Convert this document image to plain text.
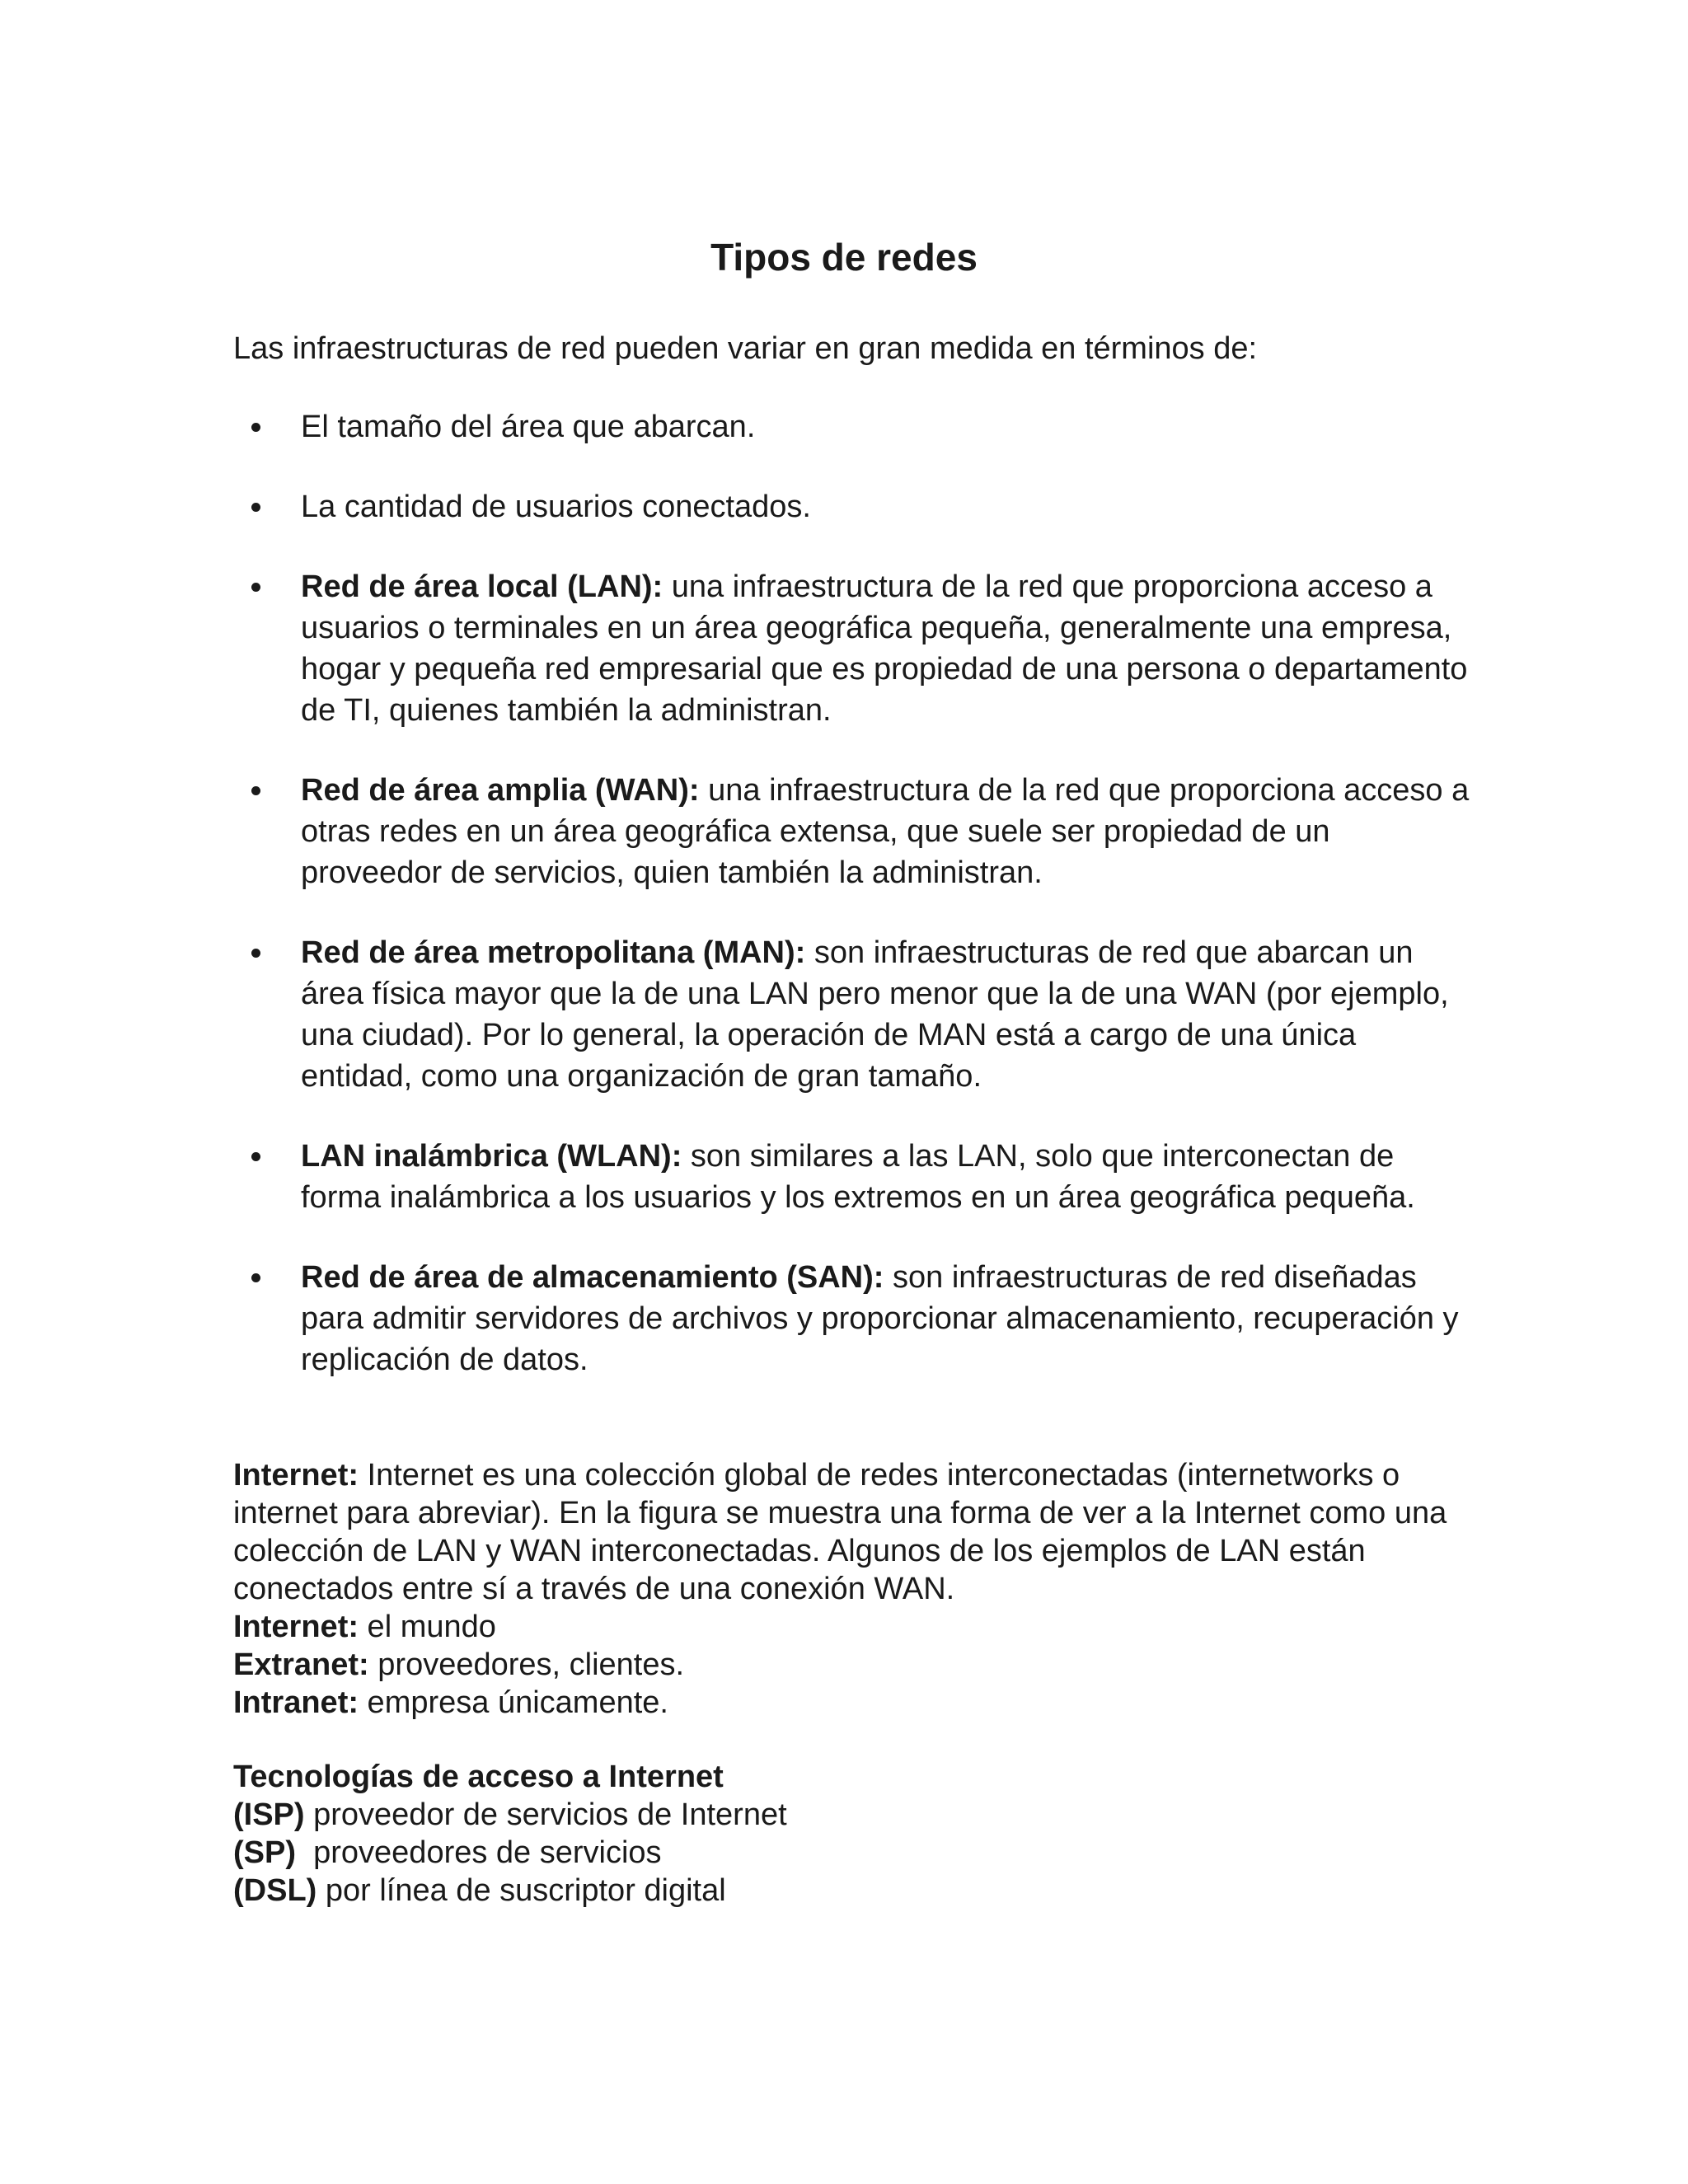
Tipos de redes

Las infraestructuras de red pueden variar en gran medida en términos de:

El tamaño del área que abarcan.
La cantidad de usuarios conectados.
Red de área local (LAN): una infraestructura de la red que proporciona acceso a usuarios o terminales en un área geográfica pequeña, generalmente una empresa, hogar y pequeña red empresarial que es propiedad de una persona o departamento de TI, quienes también la administran.
Red de área amplia (WAN): una infraestructura de la red que proporciona acceso a otras redes en un área geográfica extensa, que suele ser propiedad de un proveedor de servicios, quien también la administran.
Red de área metropolitana (MAN): son infraestructuras de red que abarcan un área física mayor que la de una LAN pero menor que la de una WAN (por ejemplo, una ciudad). Por lo general, la operación de MAN está a cargo de una única entidad, como una organización de gran tamaño.
LAN inalámbrica (WLAN): son similares a las LAN, solo que interconectan de forma inalámbrica a los usuarios y los extremos en un área geográfica pequeña.
Red de área de almacenamiento (SAN): son infraestructuras de red diseñadas para admitir servidores de archivos y proporcionar almacenamiento, recuperación y replicación de datos.

Internet: Internet es una colección global de redes interconectadas (internetworks o internet para abreviar). En la figura se muestra una forma de ver a la Internet como una colección de LAN y WAN interconectadas. Algunos de los ejemplos de LAN están conectados entre sí a través de una conexión WAN.

Internet: el mundo

Extranet: proveedores, clientes.

Intranet: empresa únicamente.

Tecnologías de acceso a Internet

(ISP) proveedor de servicios de Internet

(SP)  proveedores de servicios

(DSL) por línea de suscriptor digital
